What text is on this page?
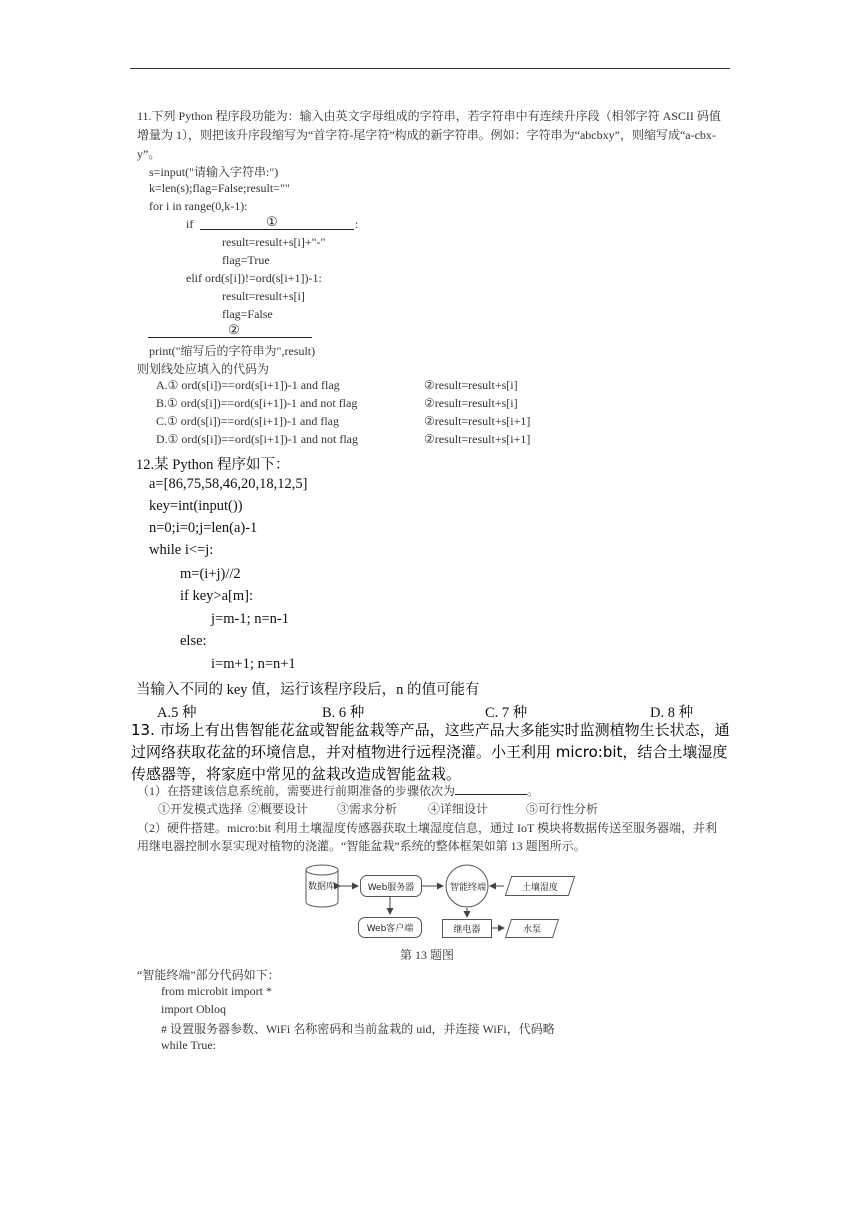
11.下列 Python 程序段功能为：输入由英文字母组成的字符串，若字符串中有连续升序段（相邻字符 ASCII 码值
增量为 1），则把该升序段缩写为“首字符-尾字符”构成的新字符串。例如：字符串为“abcbxy”，则缩写成“a-cbx-
y”。
s=input("请输入字符串:")
k=len(s);flag=False;result=""
for i in range(0,k-1):
if	①	:
result=result+s[i]+"-"
flag=True
elif ord(s[i])!=ord(s[i+1])-1:
result=result+s[i]
flag=False
②
print("缩写后的字符串为",result)
则划线处应填入的代码为
A.① ord(s[i])==ord(s[i+1])-1 and flag	②result=result+s[i]
B.① ord(s[i])==ord(s[i+1])-1 and not flag	②result=result+s[i]
C.① ord(s[i])==ord(s[i+1])-1 and flag	②result=result+s[i+1]
D.① ord(s[i])==ord(s[i+1])-1 and not flag	②result=result+s[i+1]
12.某 Python 程序如下：
a=[86,75,58,46,20,18,12,5]
key=int(input())
n=0;i=0;j=len(a)-1
while i<=j:
m=(i+j)//2
if key>a[m]:
j=m-1; n=n-1
else:
i=m+1; n=n+1
当输入不同的 key 值，运行该程序段后，n 的值可能有
A.5 种	B. 6 种	C. 7 种	D. 8 种
13. 市场上有出售智能花盆或智能盆栽等产品，这些产品大多能实时监测植物生长状态，通
过网络获取花盆的环境信息，并对植物进行远程浇灌。小王利用 micro:bit，结合土壤湿度
传感器等，将家庭中常见的盆栽改造成智能盆栽。
（1）在搭建该信息系统前，需要进行前期准备的步骤依次为	。
①开发模式选择 ②概要设计 ③需求分析	④详细设计	⑤可行性分析
（2）硬件搭建。micro:bit 利用土壤湿度传感器获取土壤湿度信息，通过 IoT 模块将数据传送至服务器端，并利
用继电器控制水泵实现对植物的浇灌。“智能盆栽”系统的整体框架如第 13 题图所示。
数据库	Web服务器	智能终端	土壤湿度
Web客户端	继电器	水泵
第 13 题图
“智能终端”部分代码如下：
from microbit import *
import Obloq
# 设置服务器参数、WiFi 名称密码和当前盆栽的 uid，并连接 WiFi，代码略
while True:
